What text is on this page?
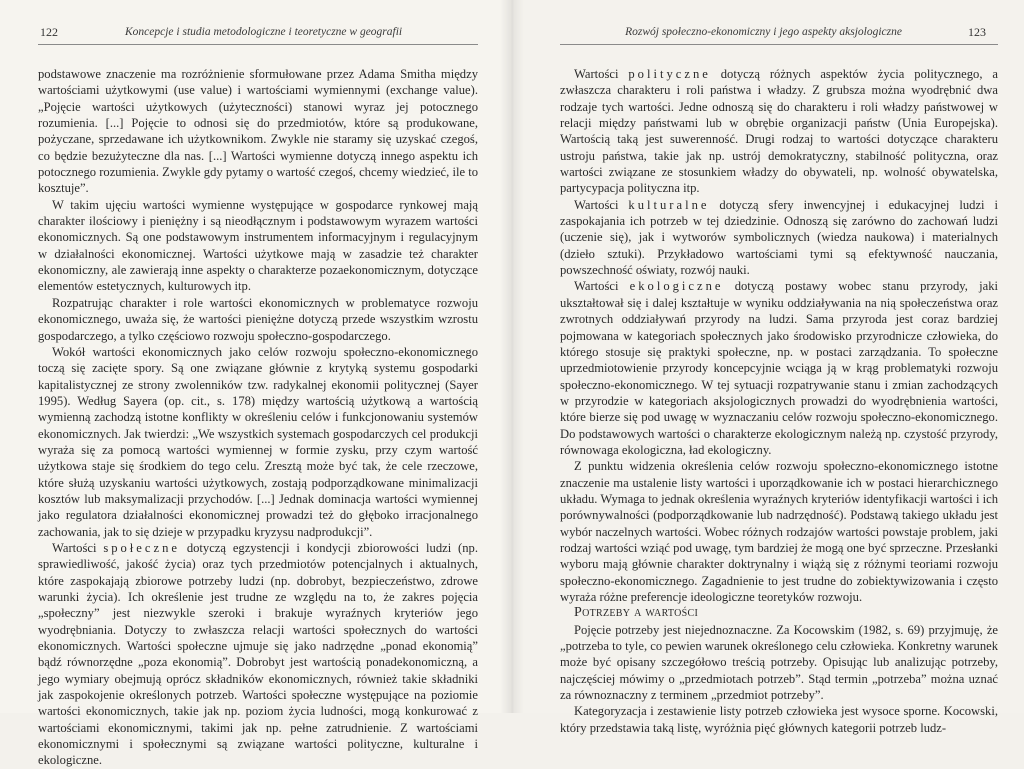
122	Koncepcje i studia metodologiczne i teoretyczne w geografii

podstawowe znaczenie ma rozróżnienie sformułowane przez Adama Smitha między wartościami użytkowymi (use value) i wartościami wymiennymi (exchange value). „Pojęcie wartości użytkowych (użyteczności) stanowi wyraz jej potocznego rozumienia. [...] Pojęcie to odnosi się do przedmiotów, które są produkowane, pożyczane, sprzedawane ich użytkownikom. Zwykle nie staramy się uzyskać czegoś, co będzie bezużyteczne dla nas. [...] Wartości wymienne dotyczą innego aspektu ich potocznego rozumienia. Zwykle gdy pytamy o wartość czegoś, chcemy wiedzieć, ile to kosztuje”.

W takim ujęciu wartości wymienne występujące w gospodarce rynkowej mają charakter ilościowy i pieniężny i są nieodłącznym i podstawowym wyrazem wartości ekonomicznych. Są one podstawowym instrumentem informacyjnym i regulacyjnym w działalności ekonomicznej. Wartości użytkowe mają w zasadzie też charakter ekonomiczny, ale zawierają inne aspekty o charakterze pozaekonomicznym, dotyczące elementów estetycznych, kulturowych itp.

Rozpatrując charakter i role wartości ekonomicznych w problematyce rozwoju ekonomicznego, uważa się, że wartości pieniężne dotyczą przede wszystkim wzrostu gospodarczego, a tylko częściowo rozwoju społeczno-gospodarczego.

Wokół wartości ekonomicznych jako celów rozwoju społeczno-ekonomicznego toczą się zacięte spory. Są one związane głównie z krytyką systemu gospodarki kapitalistycznej ze strony zwolenników tzw. radykalnej ekonomii politycznej (Sayer 1995). Według Sayera (op. cit., s. 178) między wartością użytkową a wartością wymienną zachodzą istotne konflikty w określeniu celów i funkcjonowaniu systemów ekonomicznych. Jak twierdzi: „We wszystkich systemach gospodarczych cel produkcji wyraża się za pomocą wartości wymiennej w formie zysku, przy czym wartość użytkowa staje się środkiem do tego celu. Zresztą może być tak, że cele rzeczowe, które służą uzyskaniu wartości użytkowych, zostają podporządkowane minimalizacji kosztów lub maksymalizacji przychodów. [...] Jednak dominacja wartości wymiennej jako regulatora działalności ekonomicznej prowadzi też do głęboko irracjonalnego zachowania, jak to się dzieje w przypadku kryzysu nadprodukcji”.

Wartości społeczne dotyczą egzystencji i kondycji zbiorowości ludzi (np. sprawiedliwość, jakość życia) oraz tych przedmiotów potencjalnych i aktualnych, które zaspokajają zbiorowe potrzeby ludzi (np. dobrobyt, bezpieczeństwo, zdrowe warunki życia). Ich określenie jest trudne ze względu na to, że zakres pojęcia „społeczny” jest niezwykle szeroki i brakuje wyraźnych kryteriów jego wyodrębniania. Dotyczy to zwłaszcza relacji wartości społecznych do wartości ekonomicznych. Wartości społeczne ujmuje się jako nadrzędne „ponad ekonomią” bądź równorzędne „poza ekonomią”. Dobrobyt jest wartością ponadekonomiczną, a jego wymiary obejmują oprócz składników ekonomicznych, również takie składniki jak zaspokojenie określonych potrzeb. Wartości społeczne występujące na poziomie wartości ekonomicznych, takie jak np. poziom życia ludności, mogą konkurować z wartościami ekonomicznymi, takimi jak np. pełne zatrudnienie. Z wartościami ekonomicznymi i społecznymi są związane wartości polityczne, kulturalne i ekologiczne.

Rozwój społeczno-ekonomiczny i jego aspekty aksjologiczne	123

Wartości polityczne dotyczą różnych aspektów życia politycznego, a zwłaszcza charakteru i roli państwa i władzy. Z grubsza można wyodrębnić dwa rodzaje tych wartości. Jedne odnoszą się do charakteru i roli władzy państwowej w relacji między państwami lub w obrębie organizacji państw (Unia Europejska). Wartością taką jest suwerenność. Drugi rodzaj to wartości dotyczące charakteru ustroju państwa, takie jak np. ustrój demokratyczny, stabilność polityczna, oraz wartości związane ze stosunkiem władzy do obywateli, np. wolność obywatelska, partycypacja polityczna itp.

Wartości kulturalne dotyczą sfery inwencyjnej i edukacyjnej ludzi i zaspokajania ich potrzeb w tej dziedzinie. Odnoszą się zarówno do zachowań ludzi (uczenie się), jak i wytworów symbolicznych (wiedza naukowa) i materialnych (dzieło sztuki). Przykładowo wartościami tymi są efektywność nauczania, powszechność oświaty, rozwój nauki.

Wartości ekologiczne dotyczą postawy wobec stanu przyrody, jaki ukształtował się i dalej kształtuje w wyniku oddziaływania na nią społeczeństwa oraz zwrotnych oddziaływań przyrody na ludzi. Sama przyroda jest coraz bardziej pojmowana w kategoriach społecznych jako środowisko przyrodnicze człowieka, do którego stosuje się praktyki społeczne, np. w postaci zarządzania. To społeczne uprzedmiotowienie przyrody koncepcyjnie wciąga ją w krąg problematyki rozwoju społeczno-ekonomicznego. W tej sytuacji rozpatrywanie stanu i zmian zachodzących w przyrodzie w kategoriach aksjologicznych prowadzi do wyodrębnienia wartości, które bierze się pod uwagę w wyznaczaniu celów rozwoju społeczno-ekonomicznego. Do podstawowych wartości o charakterze ekologicznym należą np. czystość przyrody, równowaga ekologiczna, ład ekologiczny.

Z punktu widzenia określenia celów rozwoju społeczno-ekonomicznego istotne znaczenie ma ustalenie listy wartości i uporządkowanie ich w postaci hierarchicznego układu. Wymaga to jednak określenia wyraźnych kryteriów identyfikacji wartości i ich porównywalności (podporządkowanie lub nadrzędność). Podstawą takiego układu jest wybór naczelnych wartości. Wobec różnych rodzajów wartości powstaje problem, jaki rodzaj wartości wziąć pod uwagę, tym bardziej że mogą one być sprzeczne. Przesłanki wyboru mają głównie charakter doktrynalny i wiążą się z różnymi teoriami rozwoju społeczno-ekonomicznego. Zagadnienie to jest trudne do zobiektywizowania i często wyraża różne preferencje ideologiczne teoretyków rozwoju.

Potrzeby a wartości

Pojęcie potrzeby jest niejednoznaczne. Za Kocowskim (1982, s. 69) przyjmuję, że „potrzeba to tyle, co pewien warunek określonego celu człowieka. Konkretny warunek może być opisany szczegółowo treścią potrzeby. Opisując lub analizując potrzeby, najczęściej mówimy o „przedmiotach potrzeb”. Stąd termin „potrzeba” można uznać za równoznaczny z terminem „przedmiot potrzeby”.

Kategoryzacja i zestawienie listy potrzeb człowieka jest wysoce sporne. Kocowski, który przedstawia taką listę, wyróżnia pięć głównych kategorii potrzeb ludz-
